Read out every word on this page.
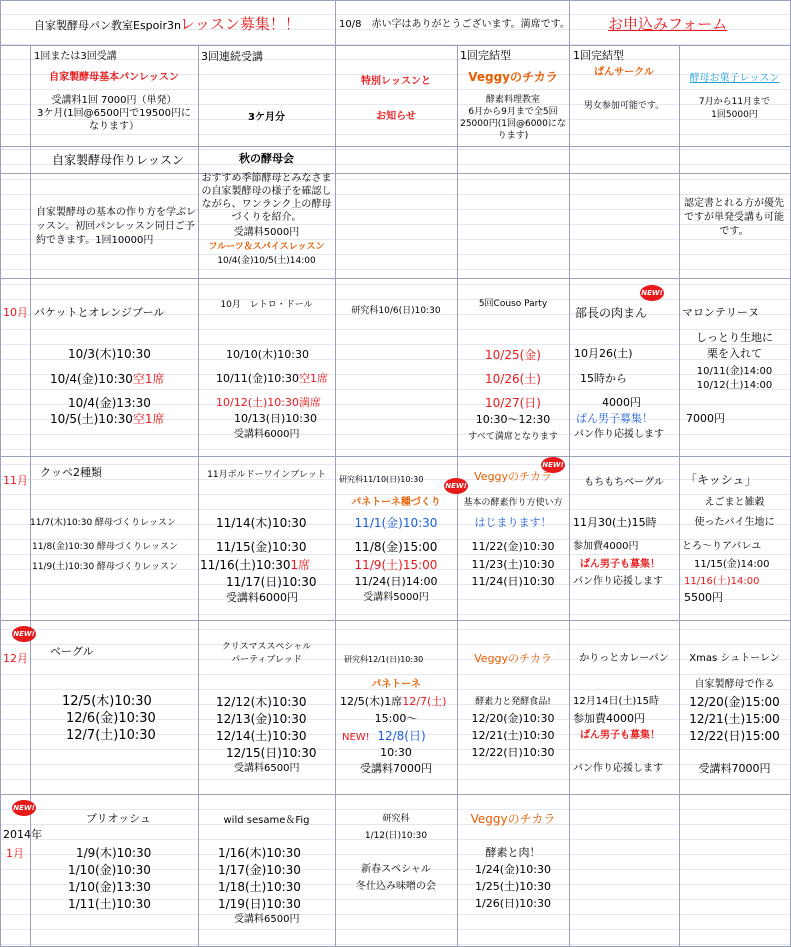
自家製酵母パン教室Espoir3n レッスン募集！！	10/8　赤い字はありがとうございます。満席です。	お申込みフォーム
1回または3回受講
自家製酵母基本パンレッスン
受講料1回 7000円（単発）
3ケ月(1回@6500円で19500円に
なります）
3回連続受講
3ケ月分
特別レッスンと
お知らせ
1回完結型
Veggyのチカラ
酵素料理教室
6月から9月まで全5回
25000円(1回@6000にな
ります)
1回完結型
ぱんサークル
男女参加可能です。
酵母お菓子レッスン
7月から11月まで
1回5000円
自家製酵母作りレッスン
自家製酵母の基本の作り方を学ぶレッスン。初回パンレッスン同日ご予約できます。1回10000円
秋の酵母会
おすすめ季節酵母とみなさまの自家製酵母の様子を確認しながら、ワンランク上の酵母づくりを紹介。
受講料5000円
フルーツ＆スパイスレッスン
10/4(金)10/5(土)14:00
認定書とれる方が優先ですが単発受講も可能です。
10月
11月
12月
2014年
1月
NEW!
NEW!
NEW!
NEW!
NEW!
バケットとオレンジブール
10/3(木)10:30
10/4(金)10:30空1席
10/4(金)13:30
10/5(土)10:30空1席
10月　レトロ・ドール
10/10(木)10:30
10/11(金)10:30空1席
10/12(土)10:30満席
10/13(日)10:30
受講料6000円
研究科10/6(日)10:30
5回Couso Party
10/25(金)
10/26(土)
10/27(日)
10:30～12:30
すべて満席となります
部長の肉まん
10月26(土)
15時から
4000円
ぱん男子募集！
パン作り応援します
マロンテリーヌ
しっとり生地に
栗を入れて
10/11(金)14:00
10/12(土)14:00
7000円
クッペ2種類
11/7(木)10:30 酵母づくりレッスン
11/8(金)10:30 酵母づくりレッスン
11/9(土)10:30 酵母づくりレッスン
11月ボルドーワインブレット
11/14(木)10:30
11/15(金)10:30
11/16(土)10:301席
11/17(日)10:30
受講料6000円
研究科11/10(日)10:30
パネトーネ種づくり
11/1(金)10:30
11/8(金)15:00
11/9(土)15:00
11/24(日)14:00
受講料5000円
Veggyのチカラ
基本の酵素作り方使い方
はじまります！
11/22(金)10:30
11/23(土)10:30
11/24(日)10:30
もちもちベーグル
11月30(土)15時
参加費4000円
ぱん男子も募集！
パン作り応援します
「キッシュ」
えごまと雑穀
使ったパイ生地に
とろ～りアパレユ
11/15(金)14:00
11/16(土)14:00
5500円
ベーグル
12/5(木)10:30
12/6(金)10:30
12/7(土)10:30
クリスマススペシャル
パーティブレッド
12/12(木)10:30
12/13(金)10:30
12/14(土)10:30
12/15(日)10:30
受講料6500円
研究科12/1(日)10:30
パネトーネ
12/5(木)1席12/7(土)
15:00～
NEW! 12/8(日)
10:30
受講料7000円
Veggyのチカラ
酵素力と発酵食品!
12/20(金)10:30
12/21(土)10:30
12/22(日)10:30
かりっとカレーパン
12月14日(土)15時
参加費4000円
ぱん男子も募集！
パン作り応援します
Xmas シュトーレン
自家製酵母で作る
12/20(金)15:00
12/21(土)15:00
12/22(日)15:00
受講料7000円
ブリオッシュ
1/9(木)10:30
1/10(金)10:30
1/10(金)13:30
1/11(土)10:30
wild sesame＆Fig
1/16(木)10:30
1/17(金)10:30
1/18(土)10:30
1/19(日)10:30
受講料6500円
研究科
1/12(日)10:30
新春スペシャル
冬仕込み味噌の会
Veggyのチカラ
酵素と肉！
1/24(金)10:30
1/25(土)10:30
1/26(日)10:30
